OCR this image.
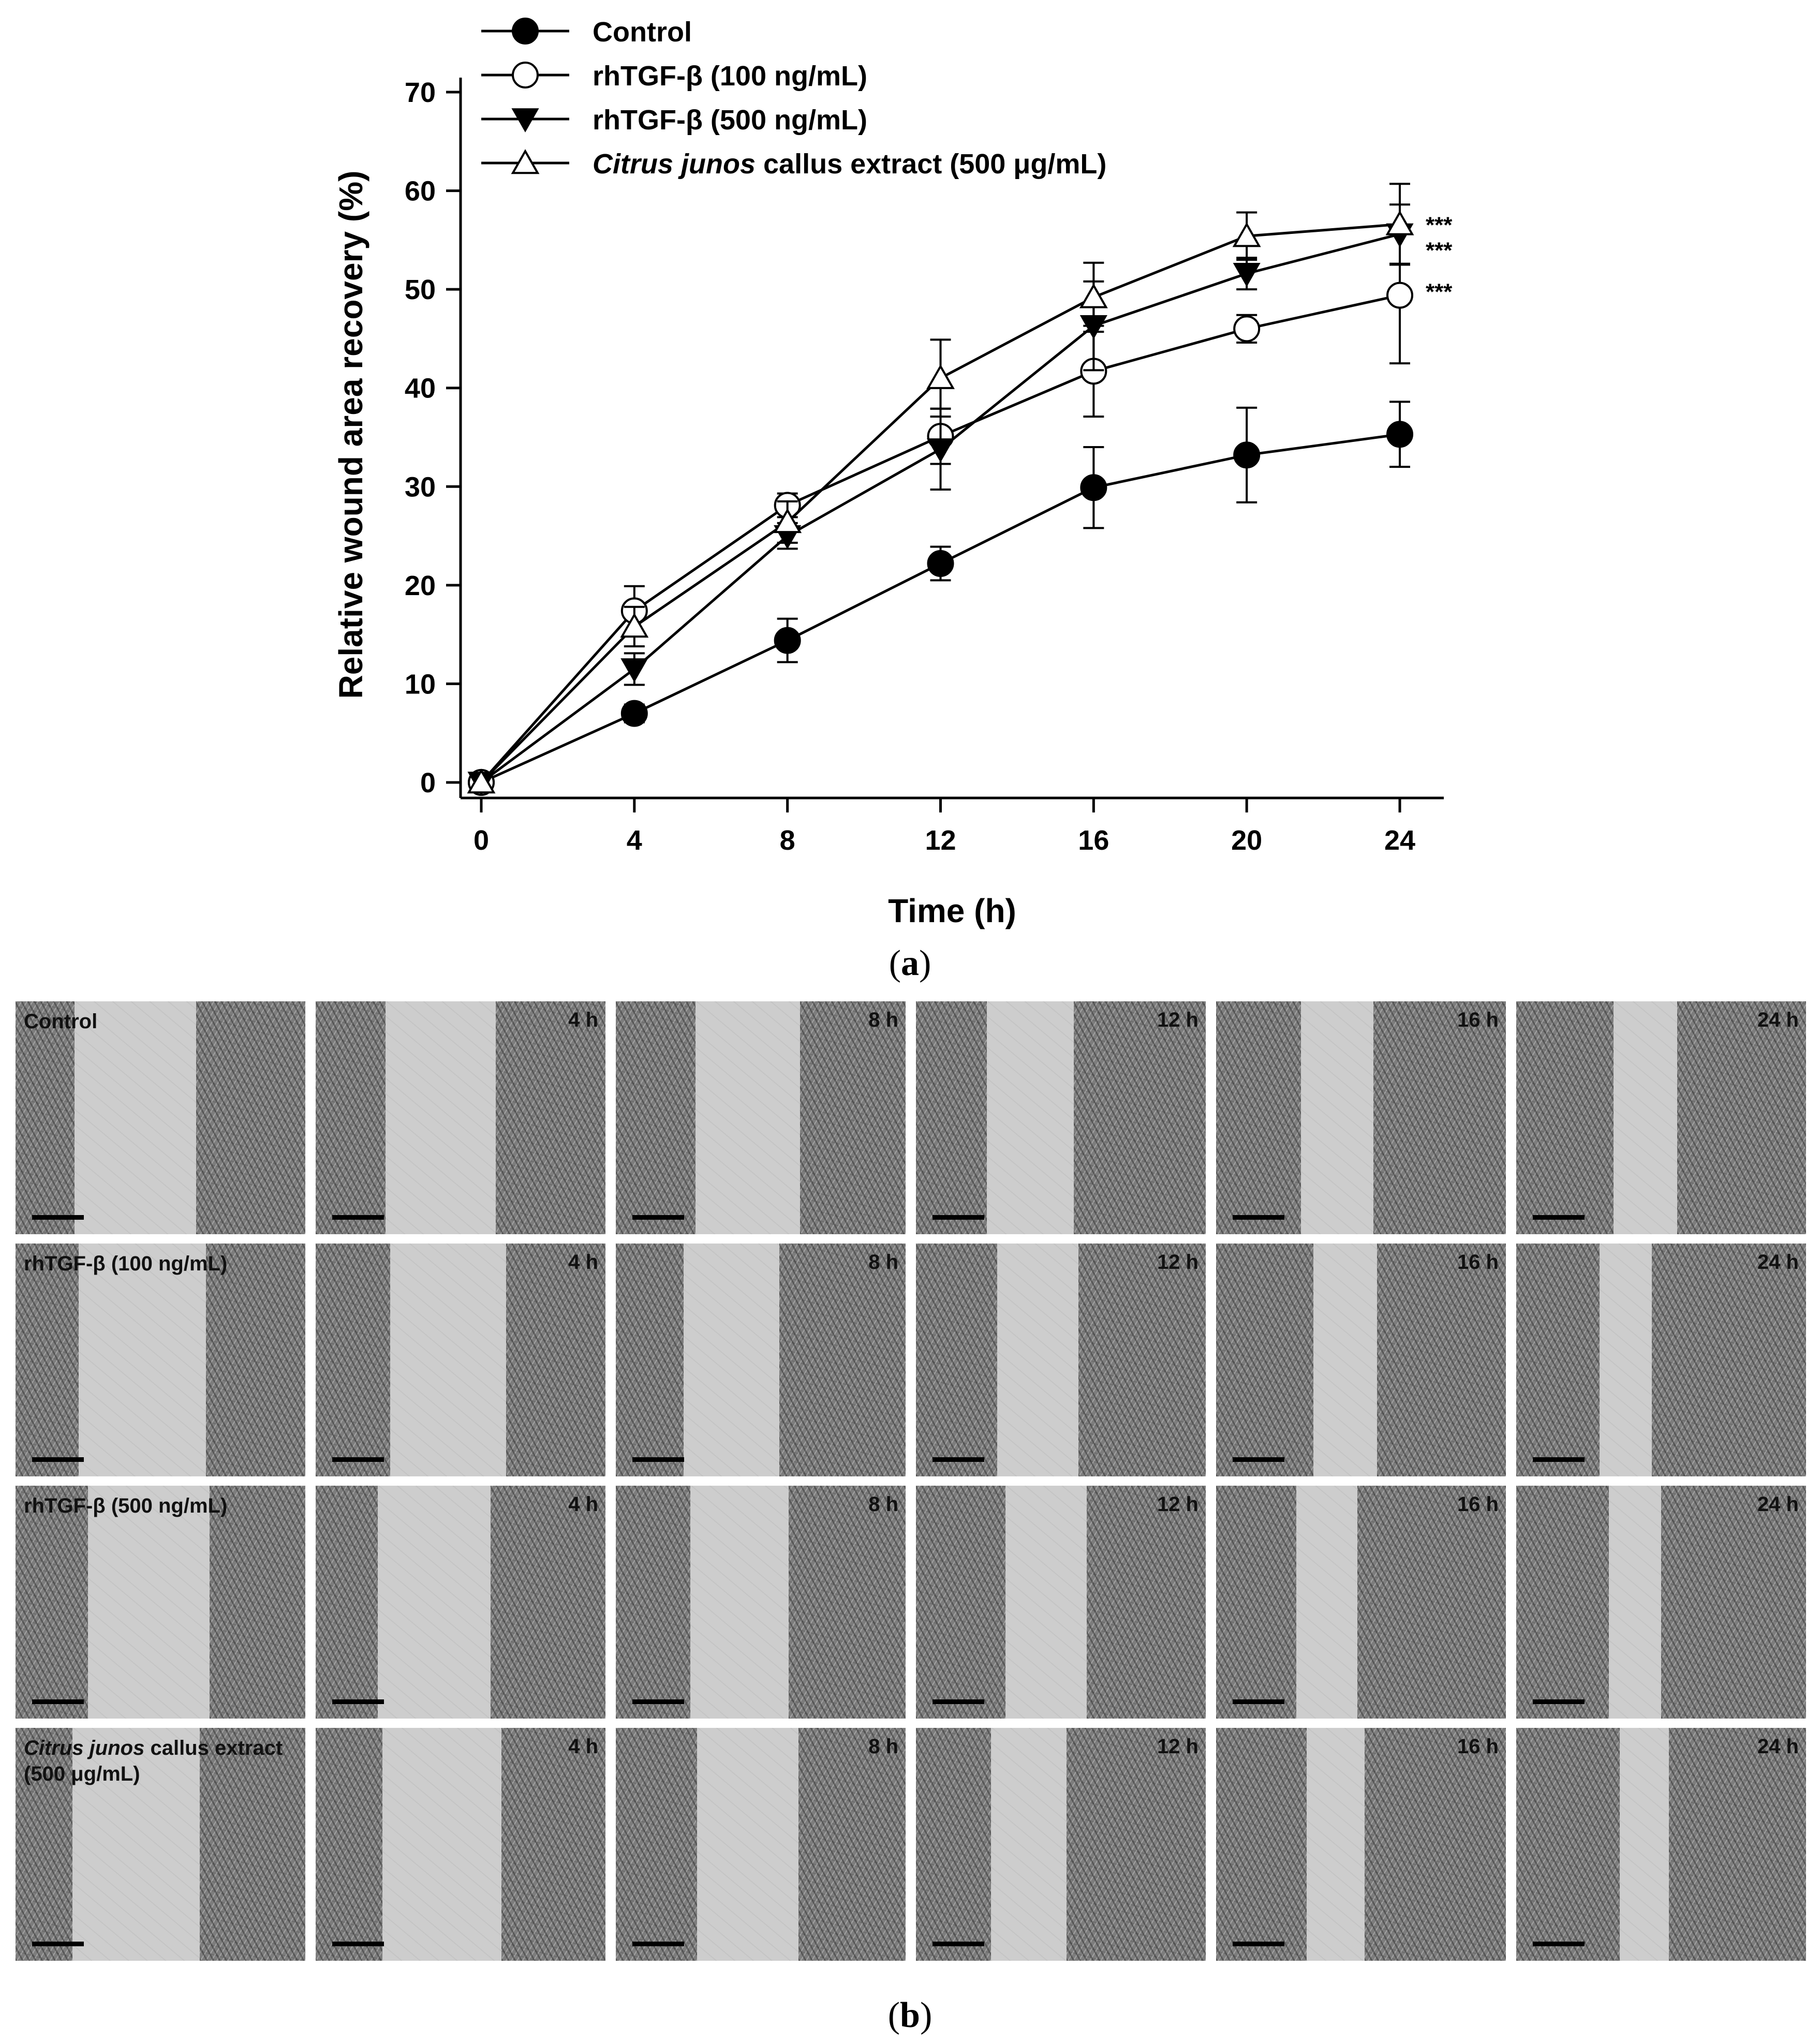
0
10
20
30
40
50
60
70
0	4	8	12	16	20	24
***
***
***
Control
rhTGF-β (100 ng/mL)
rhTGF-β (500 ng/mL)
Citrus junos callus extract (500 μg/mL)
Relative wound area recovery (%)
Time (h)
(a)
Control	4 h	8 h	12 h	16 h	24 h
rhTGF-β (100 ng/mL)	4 h	8 h	12 h	16 h	24 h
rhTGF-β (500 ng/mL)	4 h	8 h	12 h	16 h	24 h
Citrus junos callus extract (500 μg/mL)
4 h	8 h	12 h	16 h	24 h
(b)
